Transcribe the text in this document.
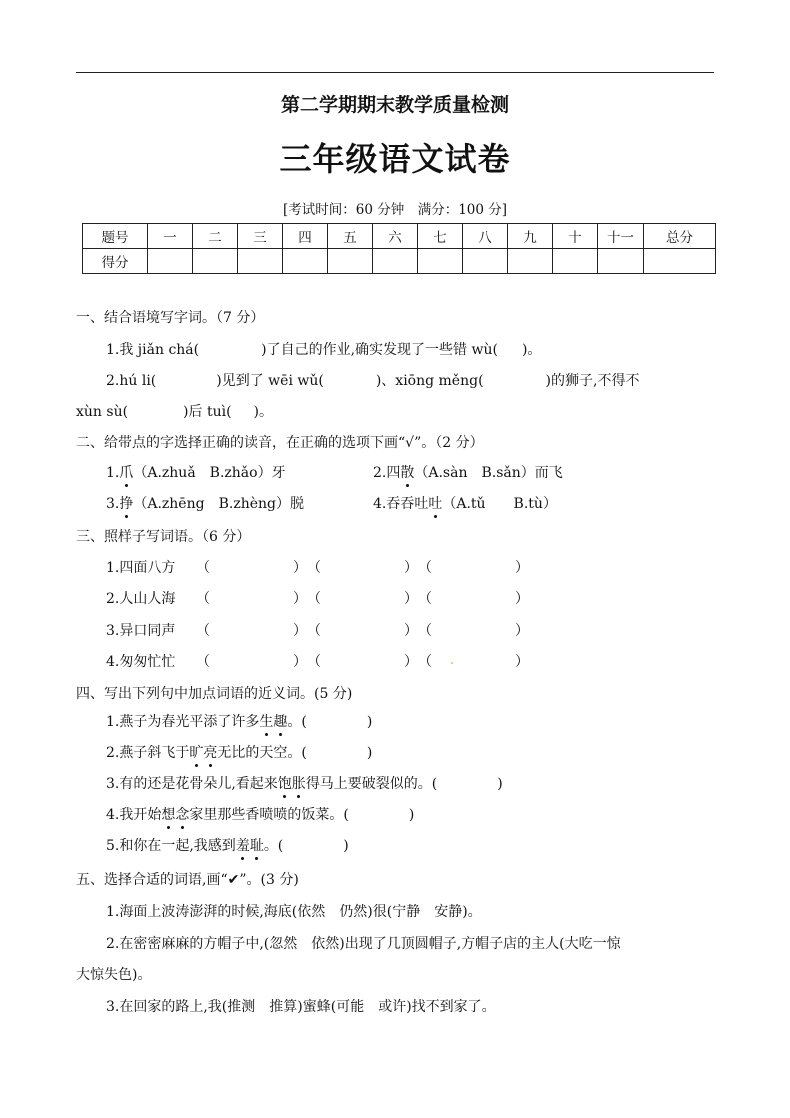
第二学期期末教学质量检测
三年级语文试卷
[考试时间：60 分钟　满分：100 分]
题号	一	二	三	四	五	六	七	八	九	十	十一	总分
得分												
一、结合语境写字词。（7 分）
1.我 jiǎn chá(	)了自己的作业,确实发现了一些错 wù( )。
2.hú li(	)见到了 wēi wǔ(	)、xiōng měng(	)的狮子,不得不
xùn sù(	)后 tuì( )。
二、给带点的字选择正确的读音，在正确的选项下画“√”。（2 分）
1.爪（A.zhuǎ　B.zhǎo）牙	2.四散（A.sàn　B.sǎn）而飞
3.挣（A.zhēng　B.zhèng）脱	4.吞吞吐吐（A.tǔ　　B.tù）
三、照样子写词语。（6 分）
1.四面八方 （	） （	） （	）
2.人山人海 （	） （	） （	）
3.异口同声 （	） （	） （	）
4.匆匆忙忙 （	） （	） （	）
四、写出下列句中加点词语的近义词。(5 分)
1.燕子为春光平添了许多生趣。(	)
2.燕子斜飞于旷亮无比的天空。(	)
3.有的还是花骨朵儿,看起来饱胀得马上要破裂似的。(	)
4.我开始想念家里那些香喷喷的饭菜。(	)
5.和你在一起,我感到羞耻。(	)
五、选择合适的词语,画“✔”。(3 分)
1.海面上波涛澎湃的时候,海底(依然　仍然)很(宁静　安静)。
2.在密密麻麻的方帽子中,(忽然　依然)出现了几顶圆帽子,方帽子店的主人(大吃一惊
大惊失色)。
3.在回家的路上,我(推测　推算)蜜蜂(可能　或许)找不到家了。
